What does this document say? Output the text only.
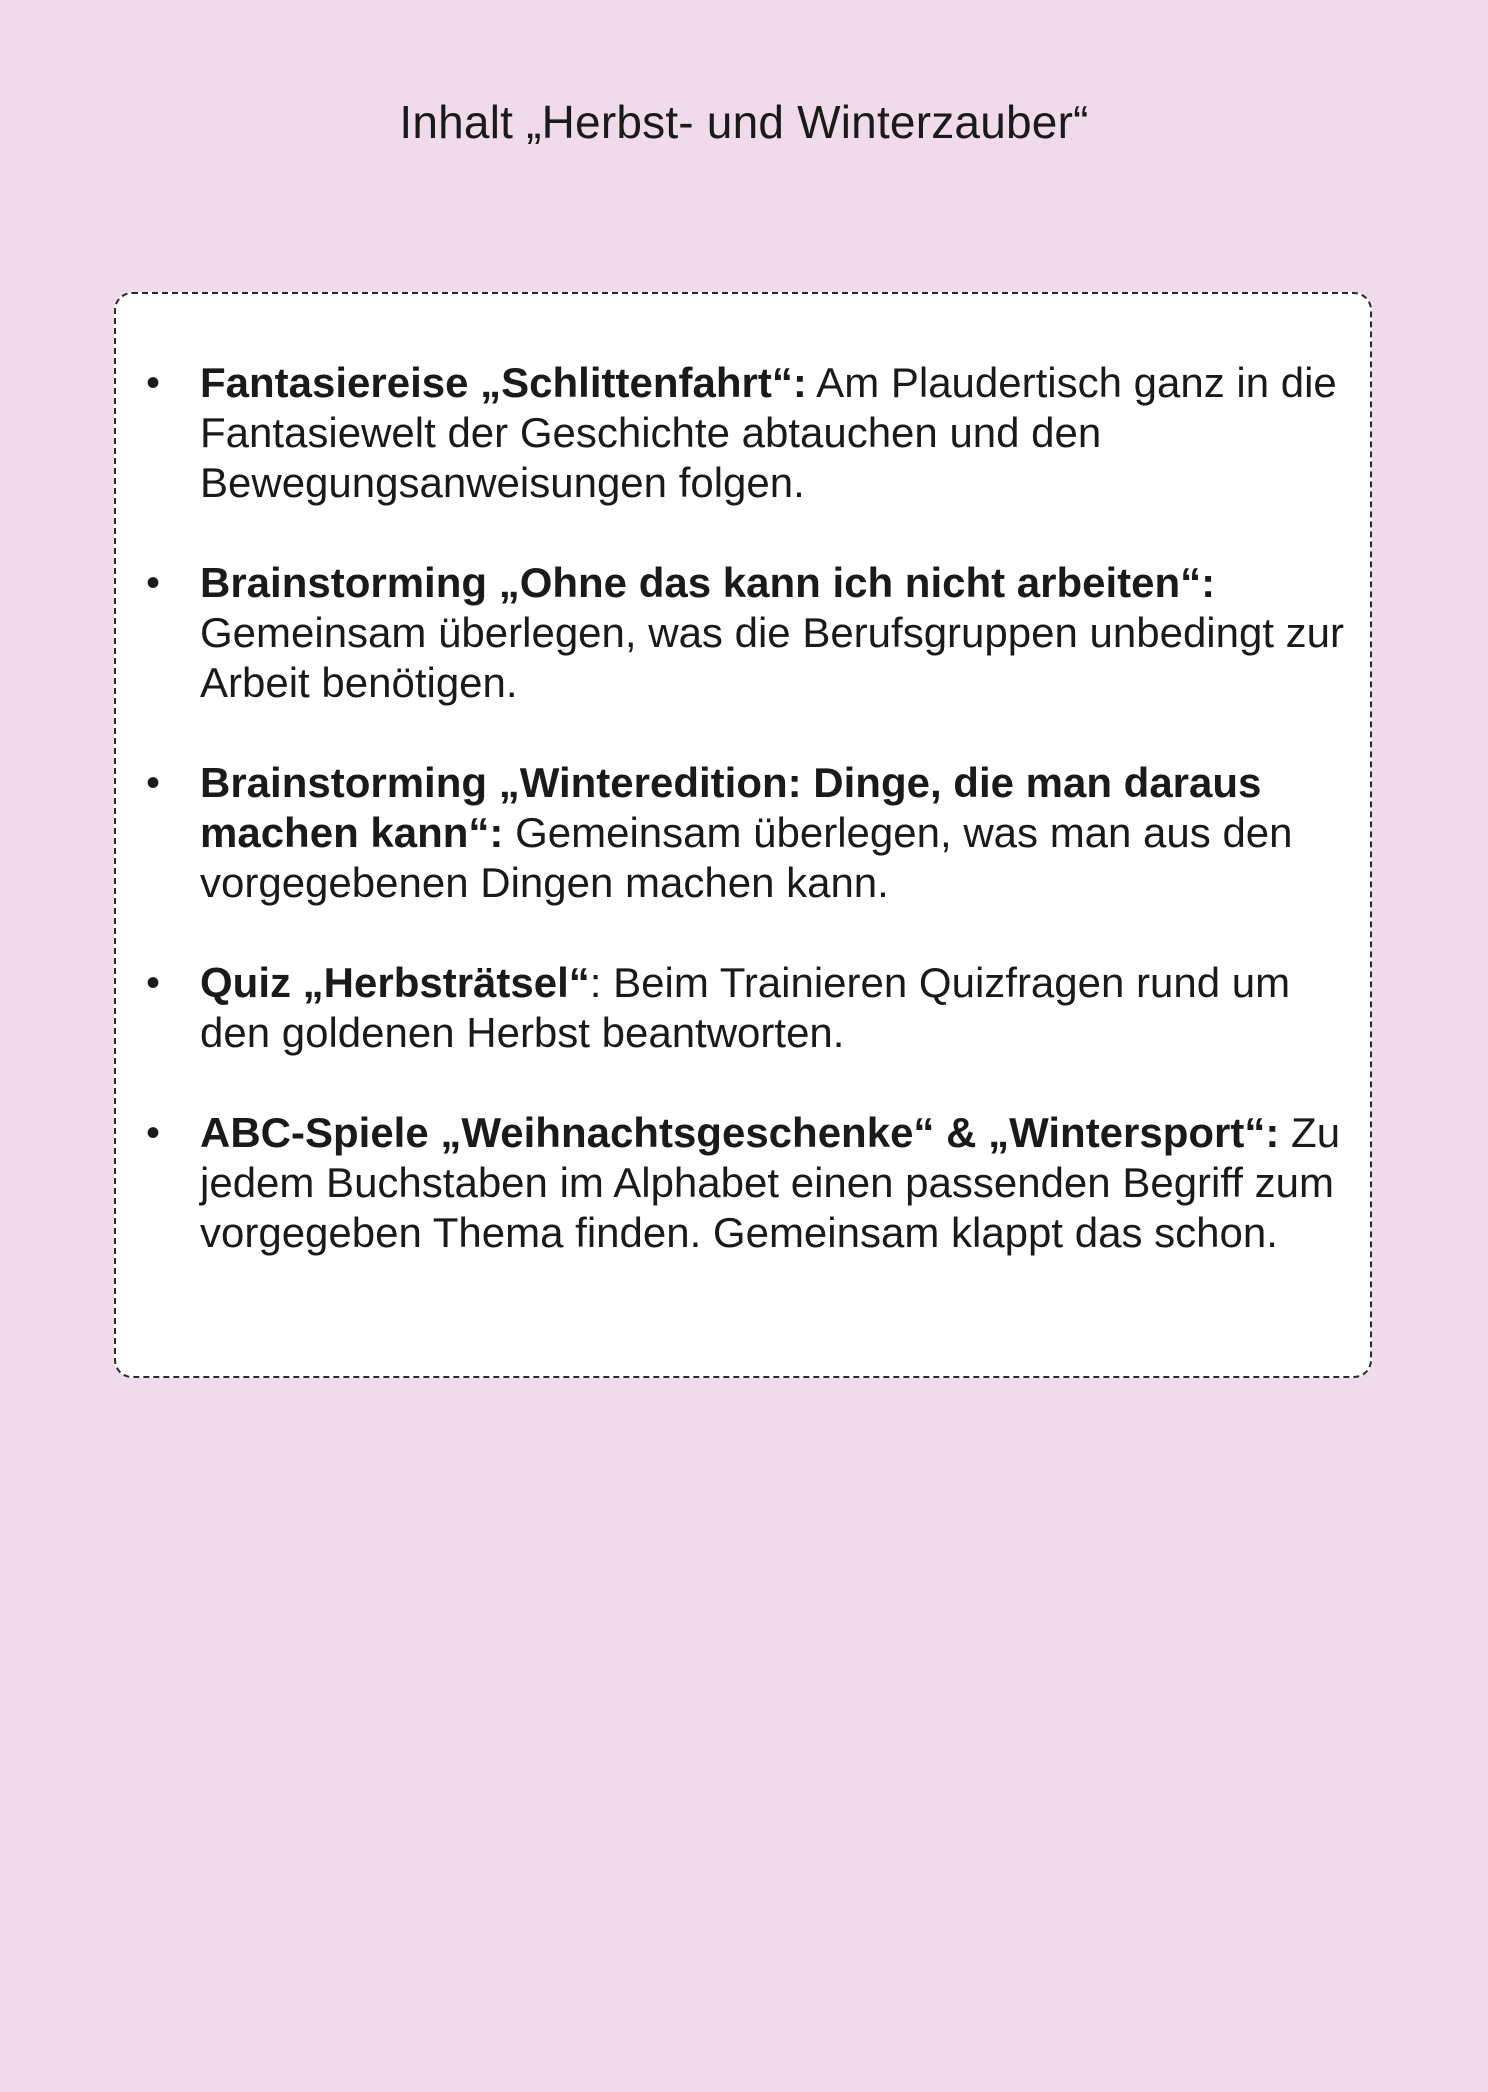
Inhalt „Herbst- und Winterzauber“
• Fantasiereise „Schlittenfahrt“: Am Plaudertisch ganz in die Fantasiewelt der Geschichte abtauchen und den Bewegungsanweisungen folgen.
• Brainstorming „Ohne das kann ich nicht arbeiten“: Gemeinsam überlegen, was die Berufsgruppen unbedingt zur Arbeit benötigen.
• Brainstorming „Winteredition: Dinge, die man daraus machen kann“: Gemeinsam überlegen, was man aus den vorgegebenen Dingen machen kann.
• Quiz „Herbsträtsel“: Beim Trainieren Quizfragen rund um den goldenen Herbst beantworten.
• ABC-Spiele „Weihnachtsgeschenke“ & „Wintersport“: Zu jedem Buchstaben im Alphabet einen passenden Begriff zum vorgegeben Thema finden. Gemeinsam klappt das schon.
